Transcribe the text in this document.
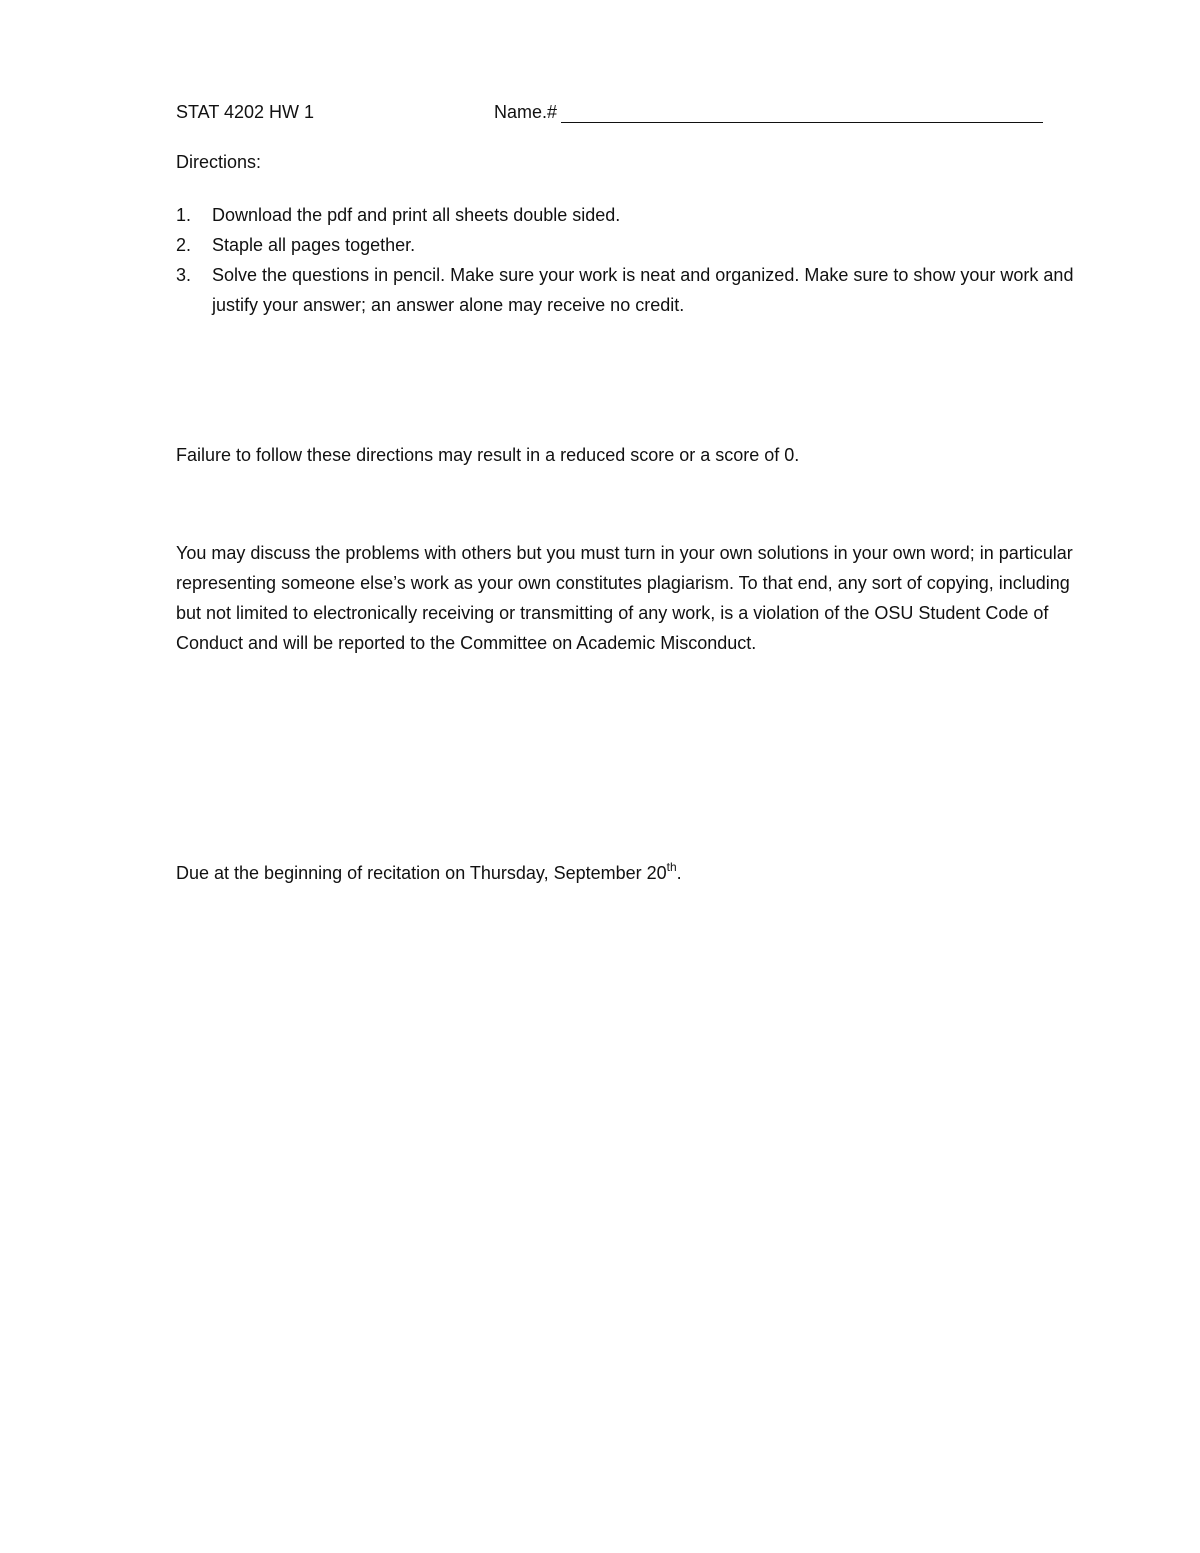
STAT 4202 HW 1	Name.#
Directions:
1. Download the pdf and print all sheets double sided.
2. Staple all pages together.
3. Solve the questions in pencil. Make sure your work is neat and organized. Make sure to show your work and justify your answer; an answer alone may receive no credit.

Failure to follow these directions may result in a reduced score or a score of 0.

You may discuss the problems with others but you must turn in your own solutions in your own word; in particular representing someone else’s work as your own constitutes plagiarism. To that end, any sort of copying, including but not limited to electronically receiving or transmitting of any work, is a violation of the OSU Student Code of Conduct and will be reported to the Committee on Academic Misconduct.

Due at the beginning of recitation on Thursday, September 20th.
